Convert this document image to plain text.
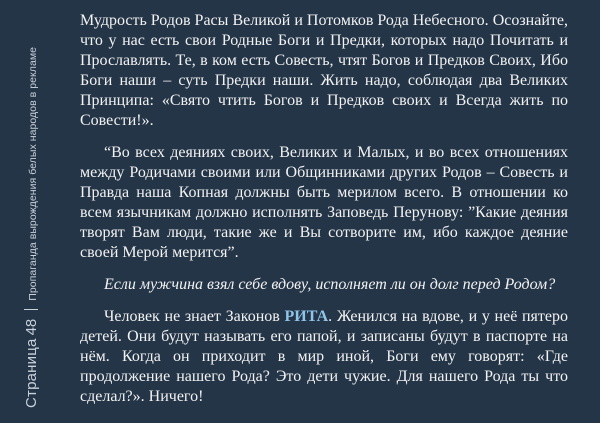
Страница
48
Пропаганда вырождения белых народов в рекламе

Мудрость Родов Расы Великой и Потомков Рода Небесного. Осознайте, что у нас есть свои Родные Боги и Предки, которых надо Почитать и Прославлять. Те, в ком есть Совесть, чтят Богов и Предков Своих, Ибо Боги наши – суть Предки наши. Жить надо, соблюдая два Великих Принципа: «Свято чтить Богов и Предков своих и Всегда жить по Совести!».

“Во всех деяниях своих, Великих и Малых, и во всех отношениях между Родичами своими или Общинниками других Родов – Совесть и Правда наша Копная должны быть мерилом всего. В отношении ко всем язычникам должно исполнять Заповедь Перунову: ”Какие деяния творят Вам люди, такие же и Вы сотворите им, ибо каждое деяние своей Мерой мерится”.

Если мужчина взял себе вдову, исполняет ли он долг перед Родом?

Человек не знает Законов РИТА. Женился на вдове, и у неё пятеро детей. Они будут называть его папой, и записаны будут в паспорте на нём. Когда он приходит в мир иной, Боги ему говорят: «Где продолжение нашего Рода? Это дети чужие. Для нашего Рода ты что сделал?». Ничего!
